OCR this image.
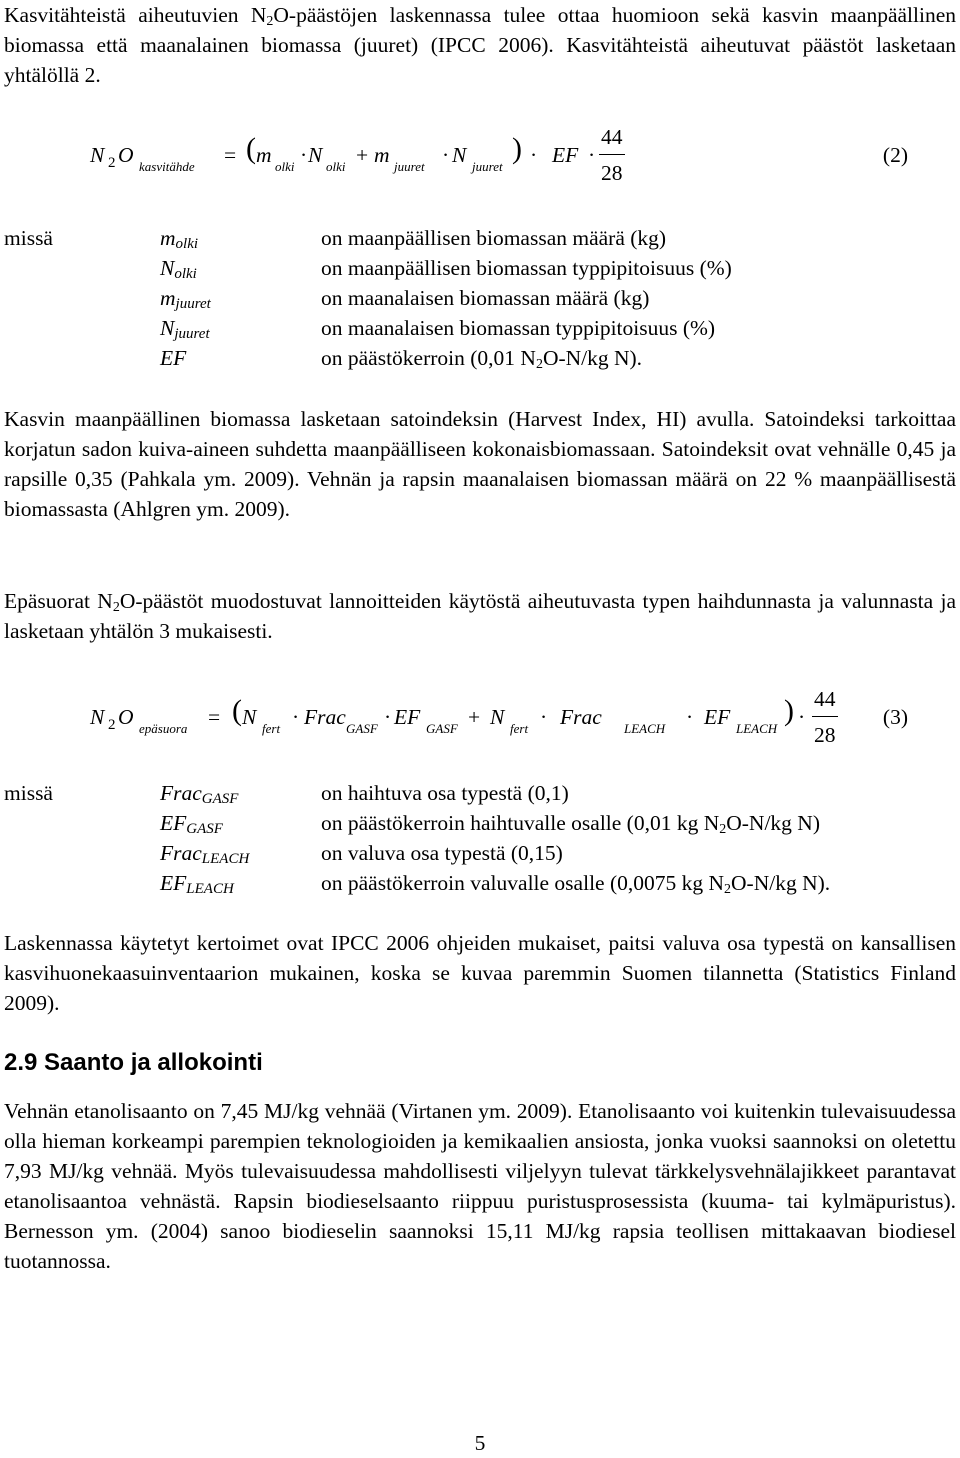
Kasvitähteistä aiheutuvien $N_2O$-päästöjen laskennassa tulee ottaa huomioon sekä kasvin maanpäällinen biomassa että maanalainen biomassa (juuret) (IPCC 2006). Kasvitähteistä aiheutuvat päästöt lasketaan yhtälöllä 2.

N 2 O kasvitähde = ( m olki · N olki + m juuret · N juuret
) · EF ·
44
28
(2)
missä	$m_{olki}$	on maanpäällisen biomassan määrä (kg)
$N_{olki}$	on maanpäällisen biomassan typpipitoisuus (%)
$m_{juuret}$	on maanalaisen biomassan määrä (kg)
$N_{juuret}$	on maanalaisen biomassan typpipitoisuus (%)
EF	on päästökerroin (0,01 $N_2O-N/kg$ N).

Kasvin maanpäällinen biomassa lasketaan satoindeksin (Harvest Index, HI) avulla. Satoindeksi tarkoittaa korjatun sadon kuiva-aineen suhdetta maanpäälliseen kokonaisbiomassaan. Satoindeksit ovat vehnälle 0,45 ja rapsille 0,35 (Pahkala ym. 2009). Vehnän ja rapsin maanalaisen biomassan määrä on 22 % maanpäällisestä biomassasta (Ahlgren ym. 2009).

Epäsuorat $N_2O$-päästöt muodostuvat lannoitteiden käytöstä aiheutuvasta typen haihdunnasta ja valunnasta ja lasketaan yhtälön 3 mukaisesti.

N 2 O epäsuora = ( N fert · Frac GASF · EF GASF + N fert · Frac LEACH · EF LEACH
) ·
44
28
(3)
missä	Frac$_{GASF}$	on haihtuva osa typestä (0,1)
$EF_{GASF}$	on päästökerroin haihtuvalle osalle (0,01 kg $N_2O-N/kg$ N)
Frac$_{LEACH}$	on valuva osa typestä (0,15)
$EF_{LEACH}$	on päästökerroin valuvalle osalle (0,0075 kg $N_2O-N/kg$ N).

Laskennassa käytetyt kertoimet ovat IPCC 2006 ohjeiden mukaiset, paitsi valuva osa typestä on kansallisen kasvihuonekaasuinventaarion mukainen, koska se kuvaa paremmin Suomen tilannetta (Statistics Finland 2009).

2.9 Saanto ja allokointi

Vehnän etanolisaanto on 7,45 MJ/kg vehnää (Virtanen ym. 2009). Etanolisaanto voi kuitenkin tulevaisuudessa olla hieman korkeampi parempien teknologioiden ja kemikaalien ansiosta, jonka vuoksi saannoksi on oletettu 7,93 MJ/kg vehnää. Myös tulevaisuudessa mahdollisesti viljelyyn tulevat tärkkelysvehnälajikkeet parantavat etanolisaantoa vehnästä. Rapsin biodieselsaanto riippuu puristusprosessista (kuuma- tai kylmäpuristus). Bernesson ym. (2004) sanoo biodieselin saannoksi 15,11 MJ/kg rapsia teollisen mittakaavan biodiesel tuotannossa.

5
